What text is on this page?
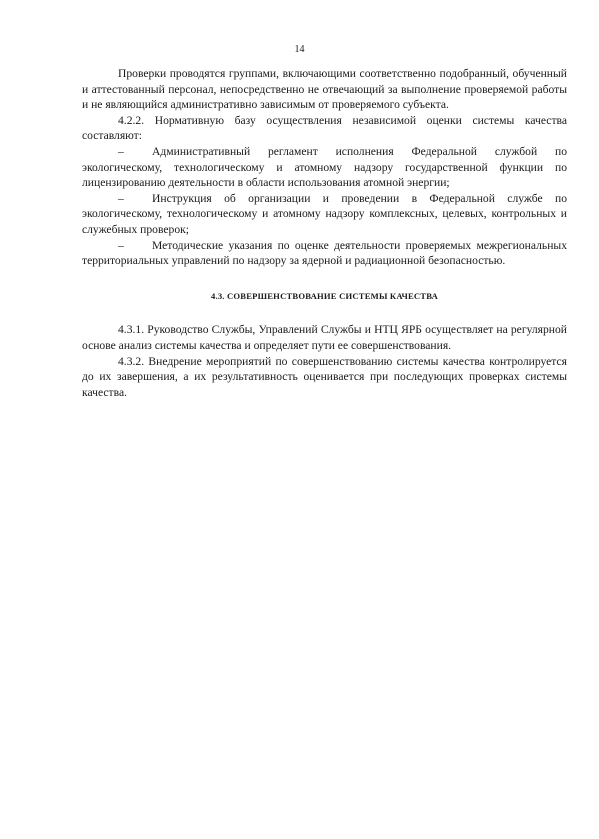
14

Проверки проводятся группами, включающими соответственно подобранный, обученный и аттестованный персонал, непосредственно не отвечающий за выполнение проверяемой работы и не являющийся административно зависимым от проверяемого субъекта.

4.2.2. Нормативную базу осуществления независимой оценки системы качества составляют:

– Административный регламент исполнения Федеральной службой по экологическому, технологическому и атомному надзору государственной функции по лицензированию деятельности в области использования атомной энергии;

– Инструкция об организации и проведении в Федеральной службе по экологическому, технологическому и атомному надзору комплексных, целевых, контрольных и служебных проверок;

– Методические указания по оценке деятельности проверяемых межрегиональных территориальных управлений по надзору за ядерной и радиационной безопасностью.

4.3. СОВЕРШЕНСТВОВАНИЕ СИСТЕМЫ КАЧЕСТВА

4.3.1. Руководство Службы, Управлений Службы и НТЦ ЯРБ осуществляет на регулярной основе анализ системы качества и определяет пути ее совершенствования.

4.3.2. Внедрение мероприятий по совершенствованию системы качества контролируется до их завершения, а их результативность оценивается при последующих проверках системы качества.
